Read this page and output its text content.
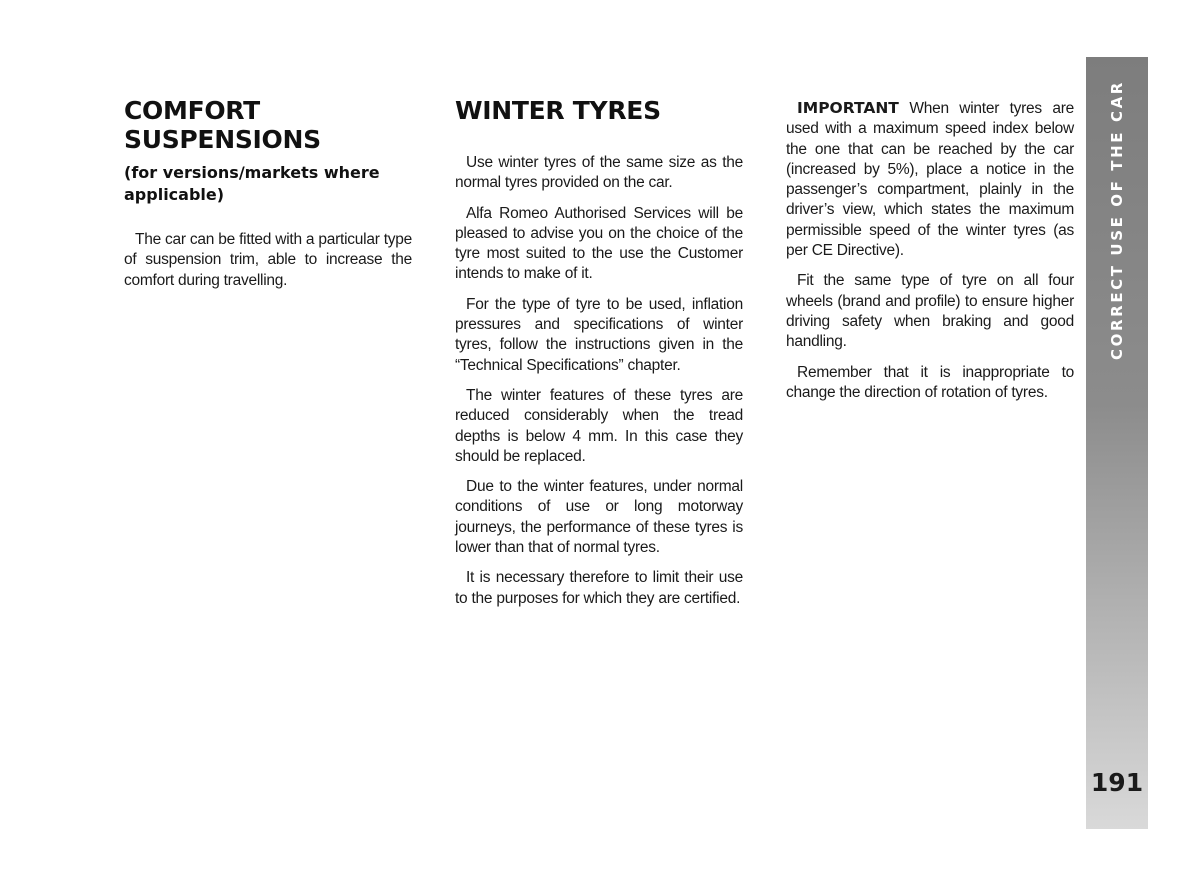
COMFORT
SUSPENSIONS
(for versions/markets where applicable)

The car can be fitted with a particular type of suspension trim, able to increase the comfort during travelling.

WINTER TYRES

Use winter tyres of the same size as the normal tyres provided on the car.

Alfa Romeo Authorised Services will be pleased to advise you on the choice of the tyre most suited to the use the Customer intends to make of it.

For the type of tyre to be used, inflation pressures and specifications of winter tyres, follow the instructions given in the “Technical Specifications” chapter.

The winter features of these tyres are reduced considerably when the tread depths is below 4 mm. In this case they should be replaced.

Due to the winter features, under normal conditions of use or long motorway journeys, the performance of these tyres is lower than that of normal tyres.

It is necessary therefore to limit their use to the purposes for which they are certified.

IMPORTANT When winter tyres are used with a maximum speed index below the one that can be reached by the car (increased by 5%), place a notice in the passenger’s compartment, plainly in the driver’s view, which states the maximum permissible speed of the winter tyres (as per CE Directive).

Fit the same type of tyre on all four wheels (brand and profile) to ensure higher driving safety when braking and good handling.

Remember that it is inappropriate to change the direction of rotation of tyres.

CORRECT USE OF THE CAR
191
